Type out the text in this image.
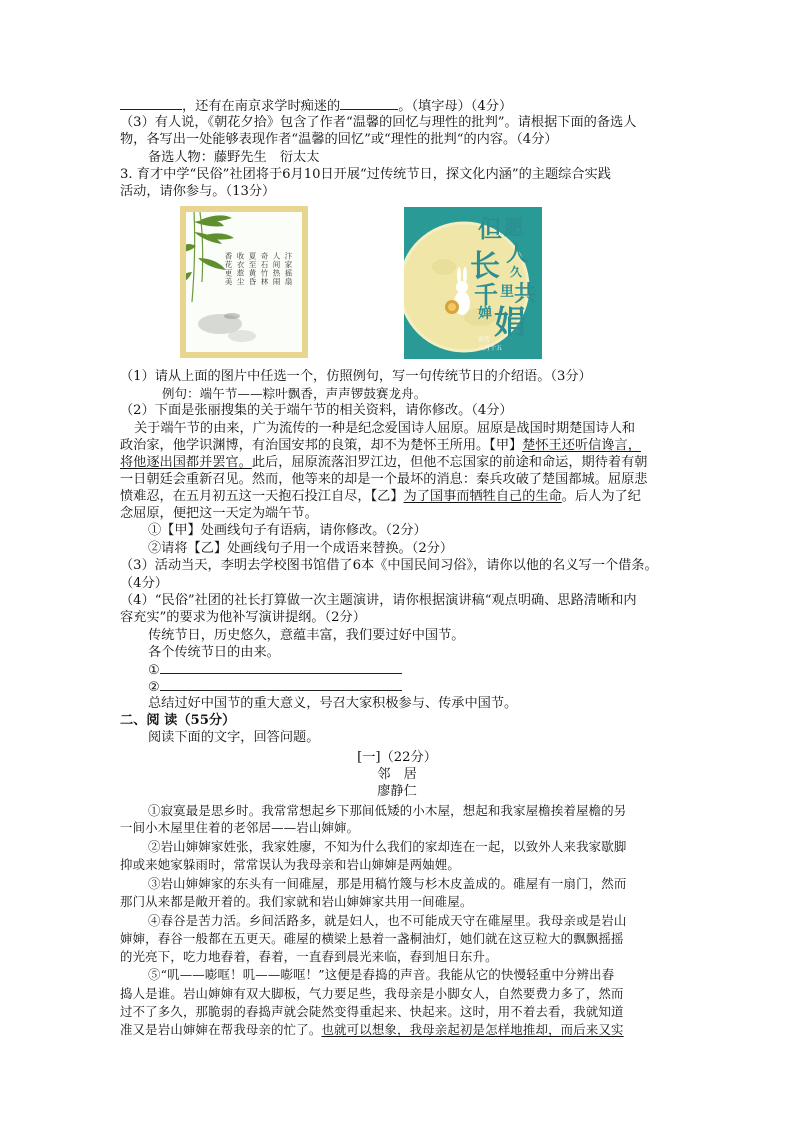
，还有在南京求学时痴迷的	。（填字母）（4分）
（3）有人说，《朝花夕拾》包含了作者“温馨的回忆与理性的批判”。请根据下面的备选人
物，各写出一处能够表现作者“温馨的回忆”或“理性的批判“的内容。（4分）
备选人物：藤野先生　衍太太
3. 育才中学“民俗”社团将于6月10日开展“过传统节日，探文化内涵”的主题综合实践
活动，请你参与。（13分）
香花更美 收衣惹尘 夏至黄昏 奇石竹林 人间热闹 汴家摇扇
但 愿
长 人
久
千 里 共
婵 娟
农历
八月十五
（1）请从上面的图片中任选一个，仿照例句，写一句传统节日的介绍语。（3分）
例句：端午节——粽叶飘香，声声锣鼓赛龙舟。
（2）下面是张丽搜集的关于端午节的相关资料，请你修改。（4分）
关于端午节的由来，广为流传的一种是纪念爱国诗人屈原。屈原是战国时期楚国诗人和
政治家，他学识渊博，有治国安邦的良策，却不为楚怀王所用。【甲】楚怀王还听信谗言，
将他逐出国都并罢官。此后，屈原流落汨罗江边，但他不忘国家的前途和命运，期待着有朝
一日朝廷会重新召见。然而，他等来的却是一个最坏的消息：秦兵攻破了楚国都城。屈原悲
愤难忍，在五月初五这一天抱石投江自尽，【乙】为了国事而牺牲自己的生命。后人为了纪
念屈原，便把这一天定为端午节。
①【甲】处画线句子有语病，请你修改。（2分）
②请将【乙】处画线句子用一个成语来替换。（2分）
（3）活动当天，李明去学校图书馆借了6本《中国民间习俗》，请你以他的名义写一个借条。
（4分）
（4）“民俗”社团的社长打算做一次主题演讲，请你根据演讲稿“观点明确、思路清晰和内
容充实”的要求为他补写演讲提纲。（2分）
传统节日，历史悠久，意蕴丰富，我们要过好中国节。
各个传统节日的由来。
①
②
总结过好中国节的重大意义，号召大家积极参与、传承中国节。
二、阅 读（55分）
阅读下面的文字，回答问题。
[一]（22分）
邻　居
廖静仁
①寂寞最是思乡时。我常常想起乡下那间低矮的小木屋，想起和我家屋檐挨着屋檐的另
一间小木屋里住着的老邻居——岩山婶婶。
②岩山婶婶家姓张，我家姓廖，不知为什么我们的家却连在一起，以致外人来我家歇脚
抑或来她家躲雨时，常常误认为我母亲和岩山婶婶是两妯娌。
③岩山婶婶家的东头有一间碓屋，那是用稿竹篾与杉木皮盖成的。碓屋有一扇门，然而
那门从来都是敞开着的。我们家就和岩山婶婶家共用一间碓屋。
④春谷是苦力活。乡间活路多，就是妇人，也不可能成天守在碓屋里。我母亲或是岩山
婶婶，舂谷一般都在五更天。碓屋的横梁上悬着一盏桐油灯，她们就在这豆粒大的飘飘摇摇
的光亮下，吃力地舂着，舂着，一直舂到晨光来临，舂到旭日东升。
⑤“叽——嘭哐！叽——嘭哐！”这便是舂捣的声音。我能从它的快慢轻重中分辨出舂
捣人是谁。岩山婶婶有双大脚板，气力要足些，我母亲是小脚女人，自然要费力多了，然而
过不了多久，那脆弱的舂捣声就会陡然变得重起来、快起来。这时，用不着去看，我就知道
准又是岩山婶婶在帮我母亲的忙了。也就可以想象，我母亲起初是怎样地推却，而后来又实
